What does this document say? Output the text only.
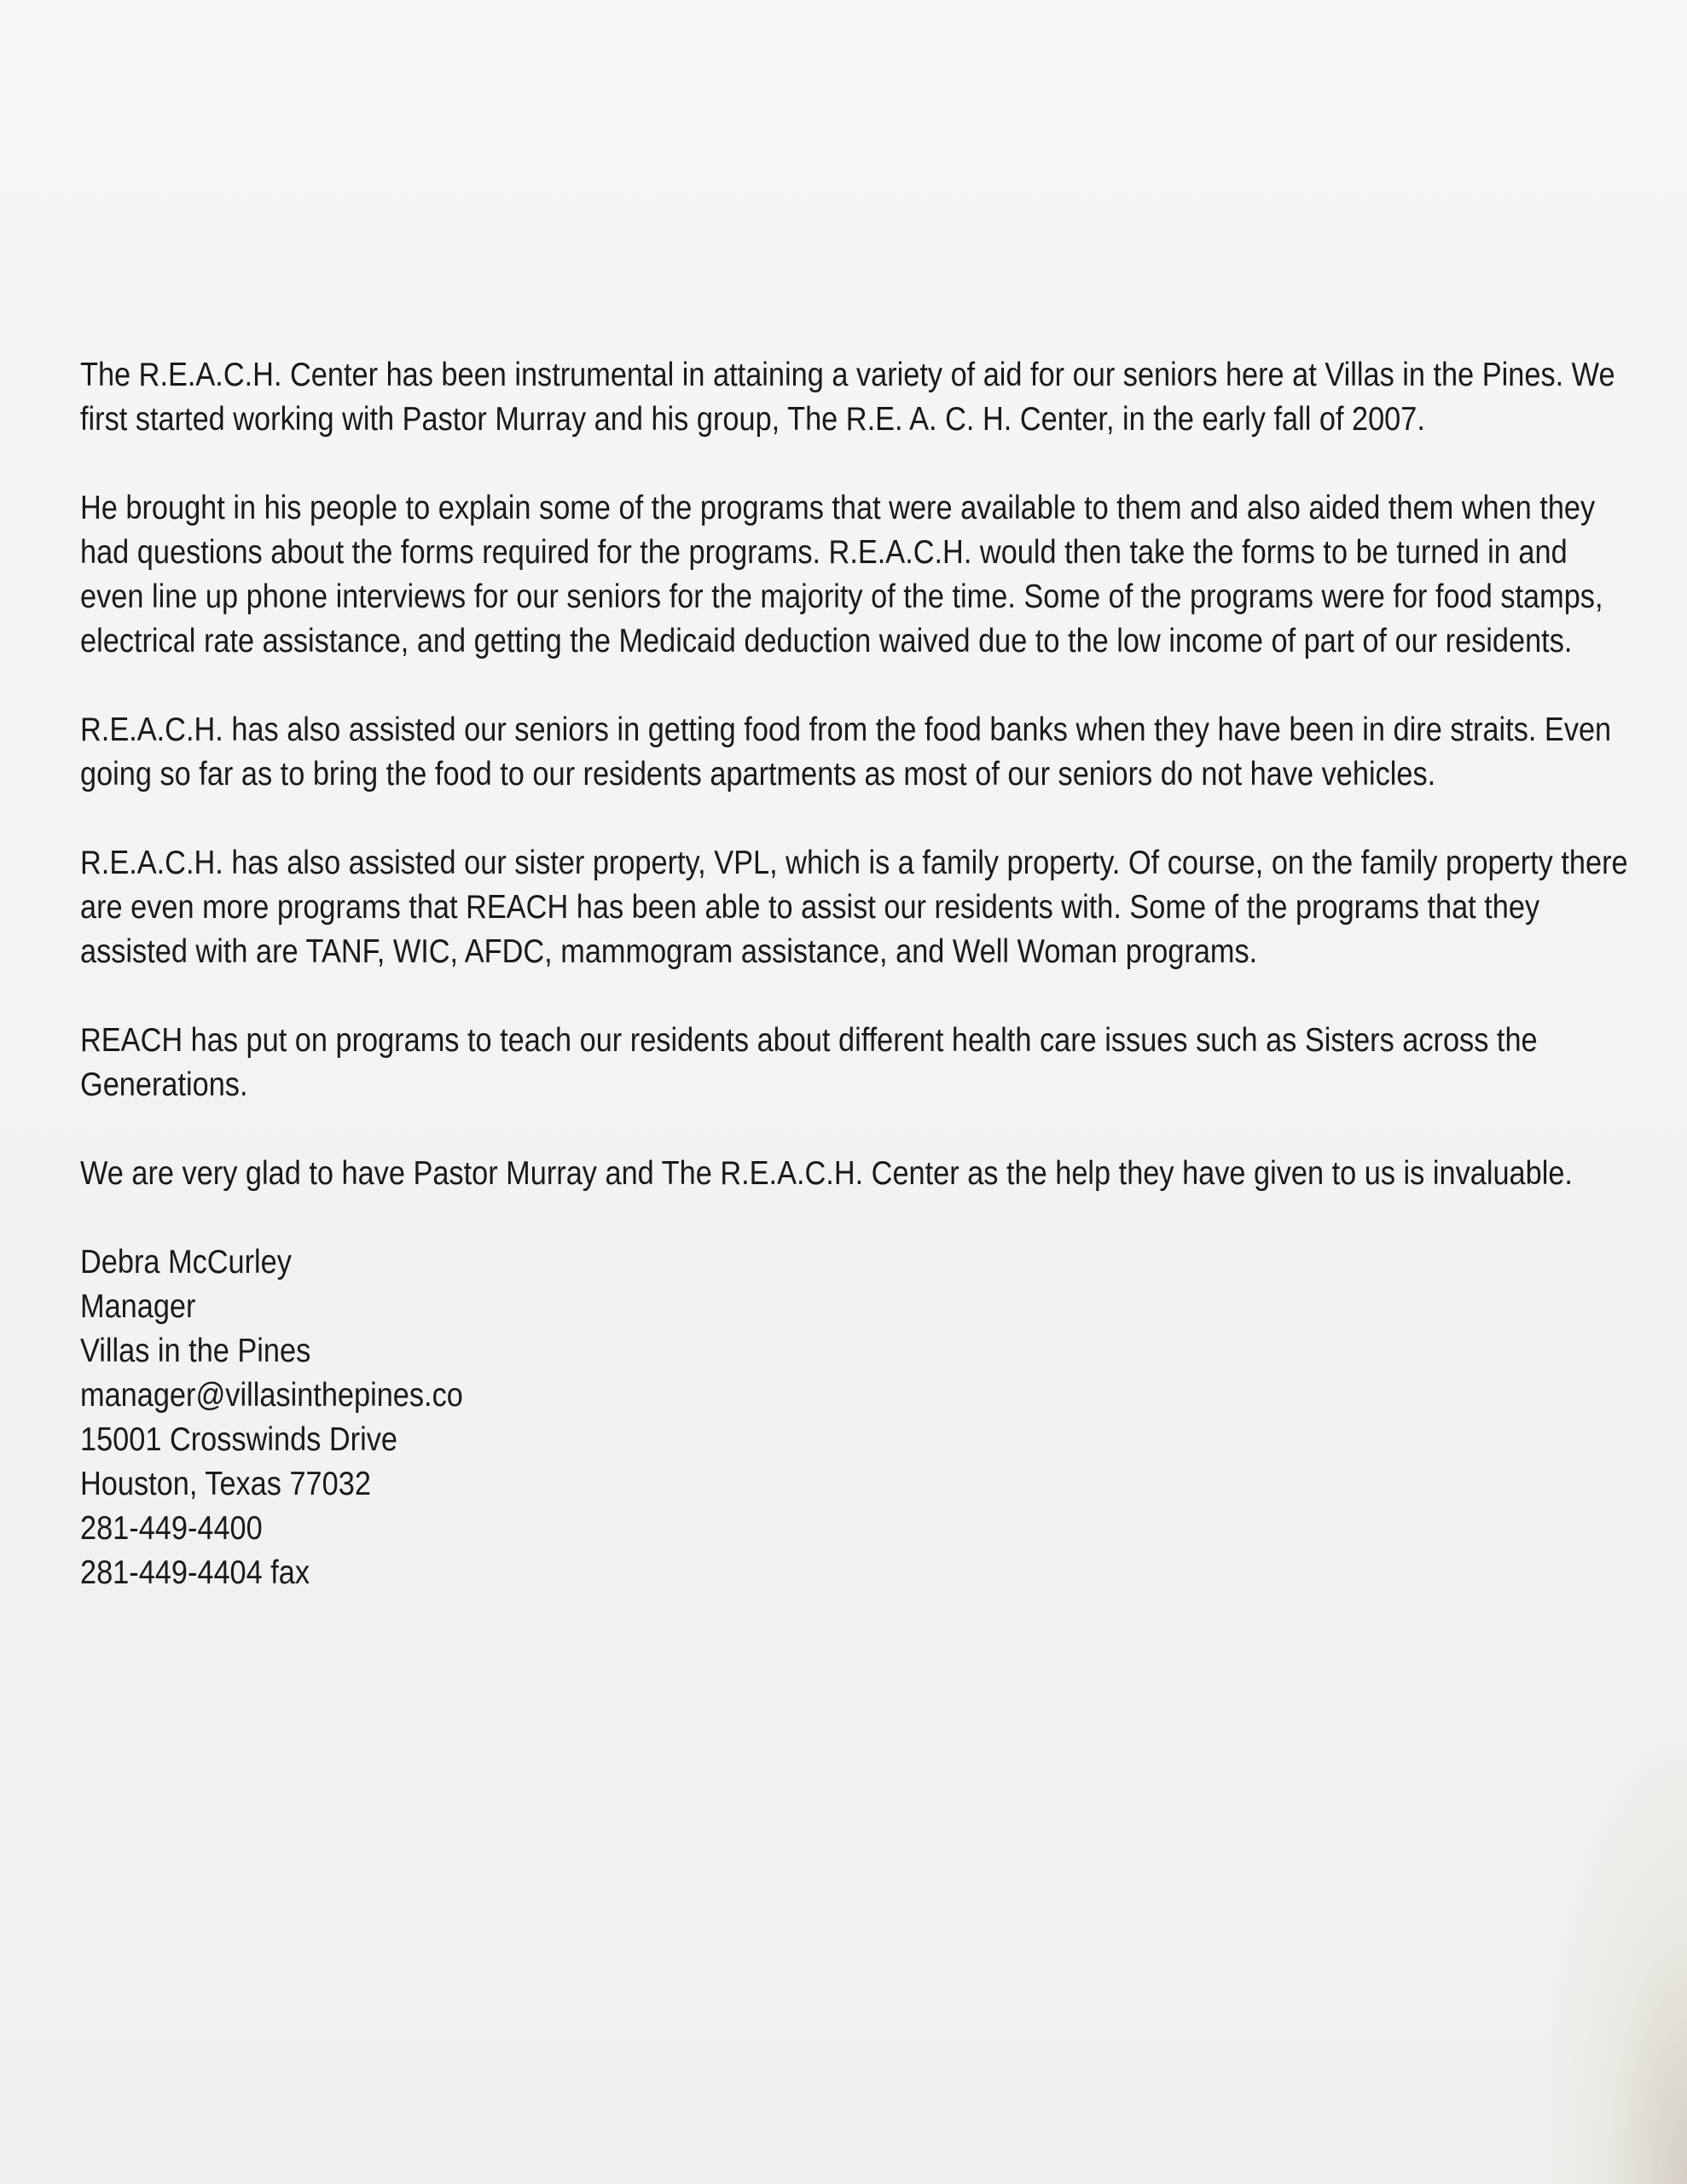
The R.E.A.C.H. Center has been instrumental in attaining a variety of aid for our seniors here at Villas in the Pines. We first started working with Pastor Murray and his group, The R.E. A. C. H. Center, in the early fall of 2007.

He brought in his people to explain some of the programs that were available to them and also aided them when they had questions about the forms required for the programs. R.E.A.C.H. would then take the forms to be turned in and even line up phone interviews for our seniors for the majority of the time. Some of the programs were for food stamps, electrical rate assistance, and getting the Medicaid deduction waived due to the low income of part of our residents.

R.E.A.C.H. has also assisted our seniors in getting food from the food banks when they have been in dire straits. Even going so far as to bring the food to our residents apartments as most of our seniors do not have vehicles.

R.E.A.C.H. has also assisted our sister property, VPL, which is a family property. Of course, on the family property there are even more programs that REACH has been able to assist our residents with. Some of the programs that they assisted with are TANF, WIC, AFDC, mammogram assistance, and Well Woman programs.

REACH has put on programs to teach our residents about different health care issues such as Sisters across the Generations.

We are very glad to have Pastor Murray and The R.E.A.C.H. Center as the help they have given to us is invaluable.

Debra McCurley
Manager
Villas in the Pines
manager@villasinthepines.co
15001 Crosswinds Drive
Houston, Texas 77032
281-449-4400
281-449-4404 fax
